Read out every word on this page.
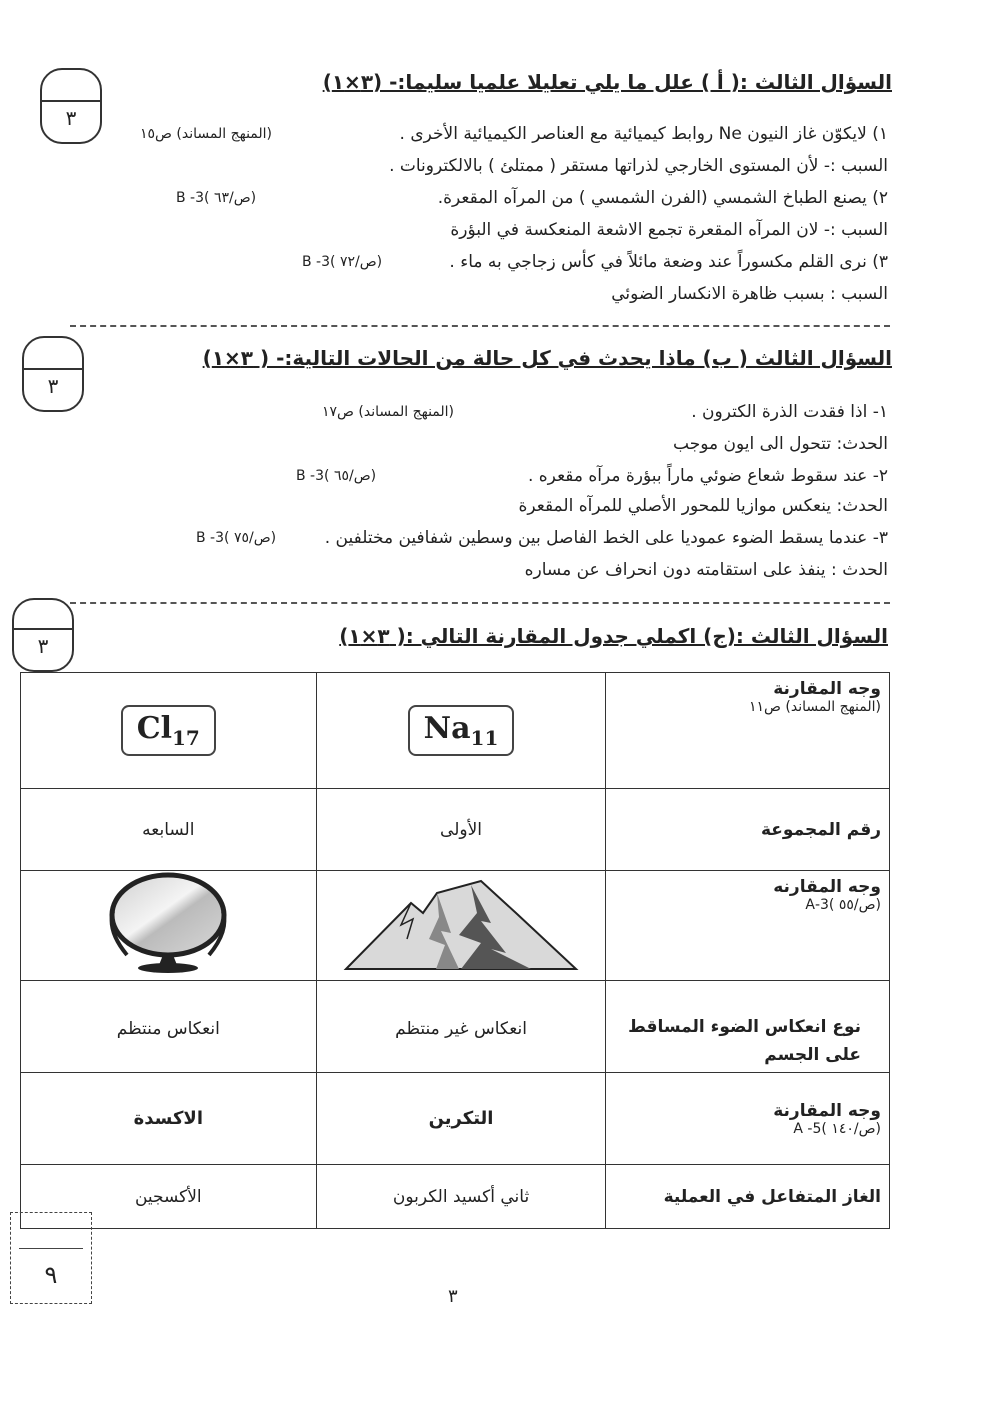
٣
السؤال الثالث :( أ ) علل ما يلي تعليلا علميا سليما:- (٣×١)
١) لايكوّن غاز النيون Ne روابط كيميائية مع العناصر الكيميائية الأخرى .
(المنهج المساند) ص١٥
السبب :- لأن المستوى الخارجي لذراتها مستقر ( ممتلئ ) بالالكترونات .
٢) يصنع الطباخ الشمسي (الفرن الشمسي ) من المرآه المقعرة.
(ص/٦٣ )3- B
السبب :- لان المرآه المقعرة تجمع الاشعة المنعكسة في البؤرة
٣) نرى القلم مكسوراً عند وضعة مائلاً في كأس زجاجي به ماء .
(ص/٧٢ )3- B
السبب : بسبب ظاهرة الانكسار الضوئي
٣
السؤال الثالث ( ب) ماذا يحدث في كل حالة من الحالات التالية:- ( ٣×١)
١- اذا فقدت الذرة الكترون .
(المنهج المساند) ص١٧
الحدث: تتحول الى ايون موجب
٢- عند سقوط شعاع ضوئي ماراً ببؤرة مرآه مقعره .
(ص/٦٥ )3- B
الحدث: ينعكس موازيا للمحور الأصلي للمرآه المقعرة
٣- عندما يسقط الضوء عموديا على الخط الفاصل بين وسطين شفافين مختلفين .
(ص/٧٥ )3- B
الحدث : ينفذ على استقامته دون انحراف عن مساره
٣	السؤال الثالث :(ج) اكملي جدول المقارنة التالي :( ٣×١)
$Cl_{17}$	$Na_{11}$	وجه المقارنة
(المنهج المساند) ص١١

السابعه	الأولى	رقم المجموعة

وجه المقارنه
(ص/٥٥ )3-A

انعكاس منتظم	انعكاس غير منتظم	نوع انعكاس الضوء المساقط على الجسم
الاكسدة	التكرين	وجه المقارنة
(ص/١٤٠ )5- A

الأكسجين	ثاني أكسيد الكربون	الغاز المتفاعل في العملية
٩
٣
